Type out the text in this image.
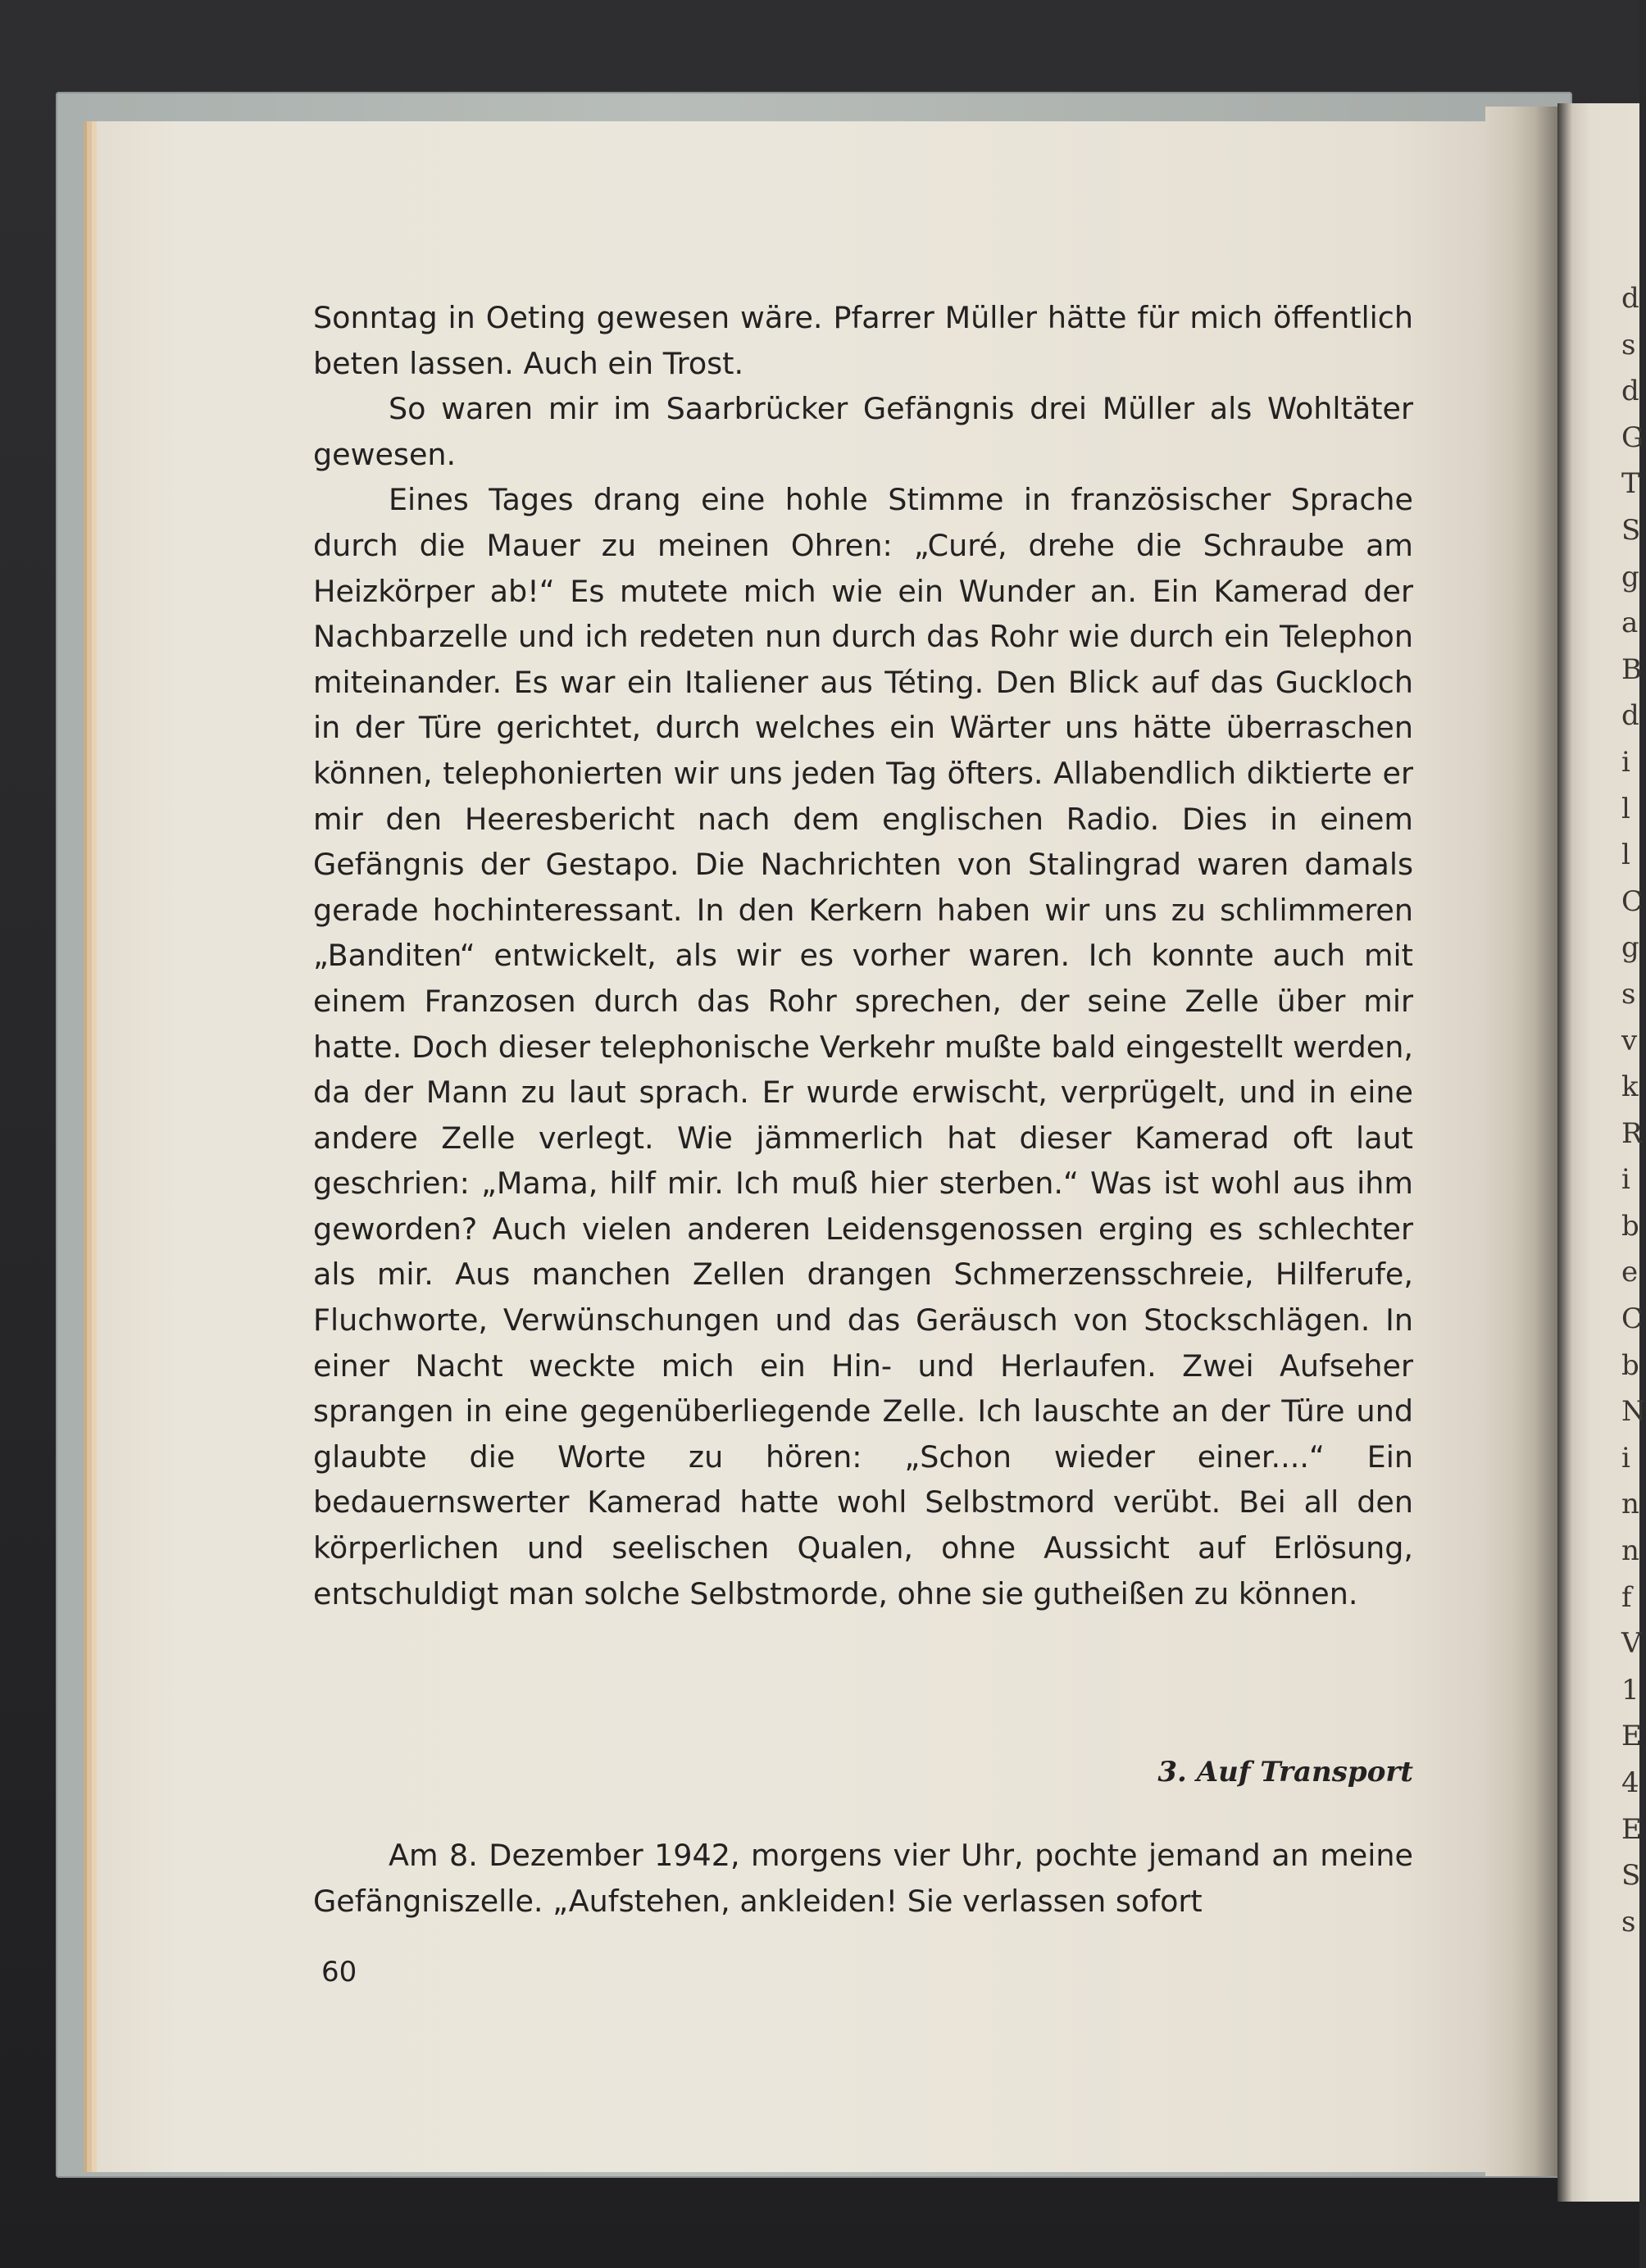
Sonntag in Oeting gewesen wäre. Pfarrer Müller hätte für mich öffentlich beten lassen. Auch ein Trost.

So waren mir im Saarbrücker Gefängnis drei Müller als Wohltäter gewesen.

Eines Tages drang eine hohle Stimme in französischer Sprache durch die Mauer zu meinen Ohren: „Curé, drehe die Schraube am Heizkörper ab!“ Es mutete mich wie ein Wunder an. Ein Kamerad der Nachbarzelle und ich redeten nun durch das Rohr wie durch ein Telephon miteinander. Es war ein Italiener aus Téting. Den Blick auf das Guckloch in der Türe gerichtet, durch welches ein Wärter uns hätte überraschen können, telephonierten wir uns jeden Tag öfters. Allabendlich diktierte er mir den Heeresbericht nach dem englischen Radio. Dies in einem Gefängnis der Gestapo. Die Nachrichten von Stalingrad waren damals gerade hochinteressant. In den Kerkern haben wir uns zu schlimmeren „Banditen“ entwickelt, als wir es vorher waren. Ich konnte auch mit einem Franzosen durch das Rohr sprechen, der seine Zelle über mir hatte. Doch dieser telephonische Verkehr mußte bald eingestellt werden, da der Mann zu laut sprach. Er wurde erwischt, verprügelt, und in eine andere Zelle verlegt. Wie jämmerlich hat dieser Kamerad oft laut geschrien: „Mama, hilf mir. Ich muß hier sterben.“ Was ist wohl aus ihm geworden? Auch vielen anderen Leidensgenossen erging es schlechter als mir. Aus manchen Zellen drangen Schmerzensschreie, Hilferufe, Fluchworte, Verwünschungen und das Geräusch von Stockschlägen. In einer Nacht weckte mich ein Hin- und Herlaufen. Zwei Aufseher sprangen in eine gegenüberliegende Zelle. Ich lauschte an der Türe und glaubte die Worte zu hören: „Schon wieder einer....“ Ein bedauernswerter Kamerad hatte wohl Selbstmord verübt. Bei all den körperlichen und seelischen Qualen, ohne Aussicht auf Erlösung, entschuldigt man solche Selbstmorde, ohne sie gutheißen zu können.

3. Auf Transport

Am 8. Dezember 1942, morgens vier Uhr, pochte jemand an meine Gefängniszelle. „Aufstehen, ankleiden! Sie verlassen sofort

60
d
s
d
G
T
S
g
a
B
d
i
l
l
C
g
s
v
k
R
i
b
e
C
b
N
i
n
n
f
V
1
E
4
E
S
s
